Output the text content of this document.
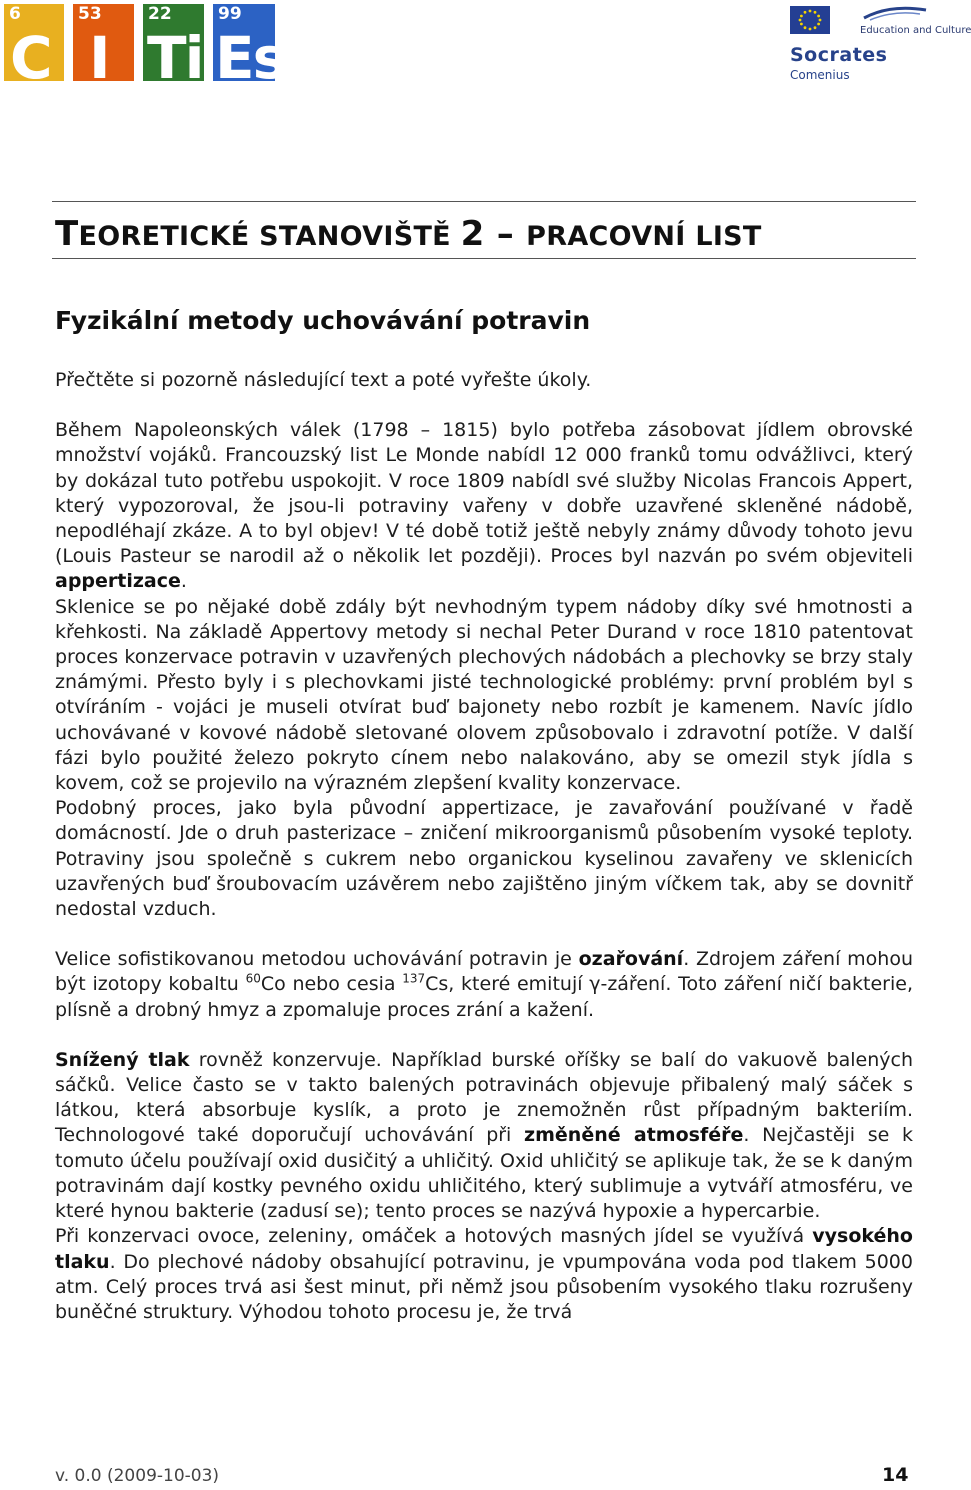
6
C
53
I
22
Ti
99
Es	Education and Culture
Socrates
Comenius
TEORETICKÉ STANOVIŠTĚ 2 – PRACOVNÍ LIST
Fyzikální metody uchovávání potravin

Přečtěte si pozorně následující text a poté vyřešte úkoly.

Během Napoleonských válek (1798 – 1815) bylo potřeba zásobovat jídlem obrovské množství vojáků. Francouzský list Le Monde nabídl 12 000 franků tomu odvážlivci, který by dokázal tuto potřebu uspokojit. V roce 1809 nabídl své služby Nicolas Francois Appert, který vypozoroval, že jsou-li potraviny vařeny v dobře uzavřené skleněné nádobě, nepodléhají zkáze. A to byl objev! V té době totiž ještě nebyly známy důvody tohoto jevu (Louis Pasteur se narodil až o několik let později). Proces byl nazván po svém objeviteli appertizace.

Sklenice se po nějaké době zdály být nevhodným typem nádoby díky své hmotnosti a křehkosti. Na základě Appertovy metody si nechal Peter Durand v roce 1810 patentovat proces konzervace potravin v uzavřených plechových nádobách a plechovky se brzy staly známými. Přesto byly i s plechovkami jisté technologické problémy: první problém byl s otvíráním - vojáci je museli otvírat buď bajonety nebo rozbít je kamenem. Navíc jídlo uchovávané v kovové nádobě sletované olovem způsobovalo i zdravotní potíže. V další fázi bylo použité železo pokryto cínem nebo nalakováno, aby se omezil styk jídla s kovem, což se projevilo na výrazném zlepšení kvality konzervace.

Podobný proces, jako byla původní appertizace, je zavařování používané v řadě domácností. Jde o druh pasterizace – zničení mikroorganismů působením vysoké teploty. Potraviny jsou společně s cukrem nebo organickou kyselinou zavařeny ve sklenicích uzavřených buď šroubovacím uzávěrem nebo zajištěno jiným víčkem tak, aby se dovnitř nedostal vzduch.

Velice sofistikovanou metodou uchovávání potravin je ozařování. Zdrojem záření mohou být izotopy kobaltu $^{60}$Co nebo cesia $^{137}$Cs, které emitují γ-záření. Toto záření ničí bakterie, plísně a drobný hmyz a zpomaluje proces zrání a kažení.

Snížený tlak rovněž konzervuje. Například burské oříšky se balí do vakuově balených sáčků. Velice často se v takto balených potravinách objevuje přibalený malý sáček s látkou, která absorbuje kyslík, a proto je znemožněn růst případným bakteriím. Technologové také doporučují uchovávání při změněné atmosféře. Nejčastěji se k tomuto účelu používají oxid dusičitý a uhličitý. Oxid uhličitý se aplikuje tak, že se k daným potravinám dají kostky pevného oxidu uhličitého, který sublimuje a vytváří atmosféru, ve které hynou bakterie (zadusí se); tento proces se nazývá hypoxie a hypercarbie.

Při konzervaci ovoce, zeleniny, omáček a hotových masných jídel se využívá vysokého tlaku. Do plechové nádoby obsahující potravinu, je vpumpována voda pod tlakem 5000 atm. Celý proces trvá asi šest minut, při němž jsou působením vysokého tlaku rozrušeny buněčné struktury. Výhodou tohoto procesu je, že trvá

v. 0.0 (2009-10-03)	14
